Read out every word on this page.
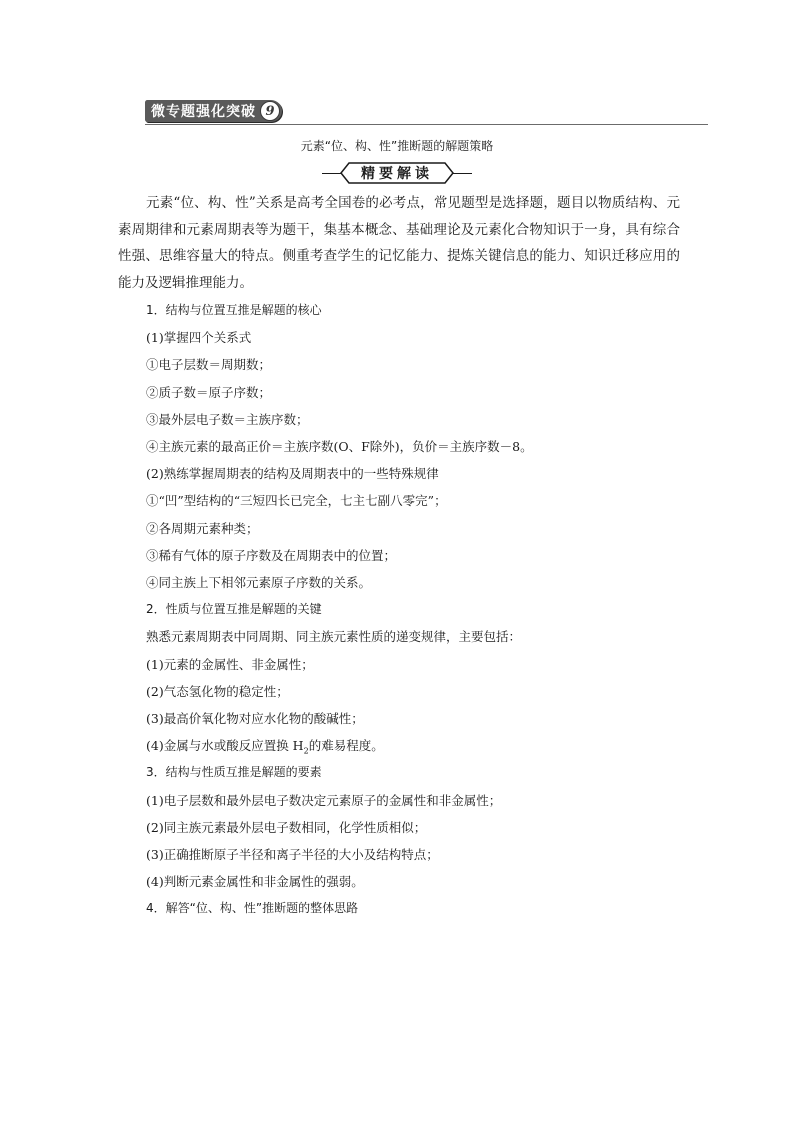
微专题强化突破 9
元素“位、构、性”推断题的解题策略
精要解读

元素“位、构、性”关系是高考全国卷的必考点，常见题型是选择题，题目以物质结构、元素周期律和元素周期表等为题干，集基本概念、基础理论及元素化合物知识于一身，具有综合性强、思维容量大的特点。侧重考查学生的记忆能力、提炼关键信息的能力、知识迁移应用的能力及逻辑推理能力。

1．结构与位置互推是解题的核心

(1)掌握四个关系式

①电子层数＝周期数；

②质子数＝原子序数；

③最外层电子数＝主族序数；

④主族元素的最高正价＝主族序数(O、F除外)，负价＝主族序数－8。

(2)熟练掌握周期表的结构及周期表中的一些特殊规律

①“凹”型结构的“三短四长已完全，七主七副八零完”；

②各周期元素种类；

③稀有气体的原子序数及在周期表中的位置；

④同主族上下相邻元素原子序数的关系。

2．性质与位置互推是解题的关键

熟悉元素周期表中同周期、同主族元素性质的递变规律，主要包括：

(1)元素的金属性、非金属性；

(2)气态氢化物的稳定性；

(3)最高价氧化物对应水化物的酸碱性；

(4)金属与水或酸反应置换 $H_2$的难易程度。

3．结构与性质互推是解题的要素

(1)电子层数和最外层电子数决定元素原子的金属性和非金属性；

(2)同主族元素最外层电子数相同，化学性质相似；

(3)正确推断原子半径和离子半径的大小及结构特点；

(4)判断元素金属性和非金属性的强弱。

4．解答“位、构、性”推断题的整体思路
